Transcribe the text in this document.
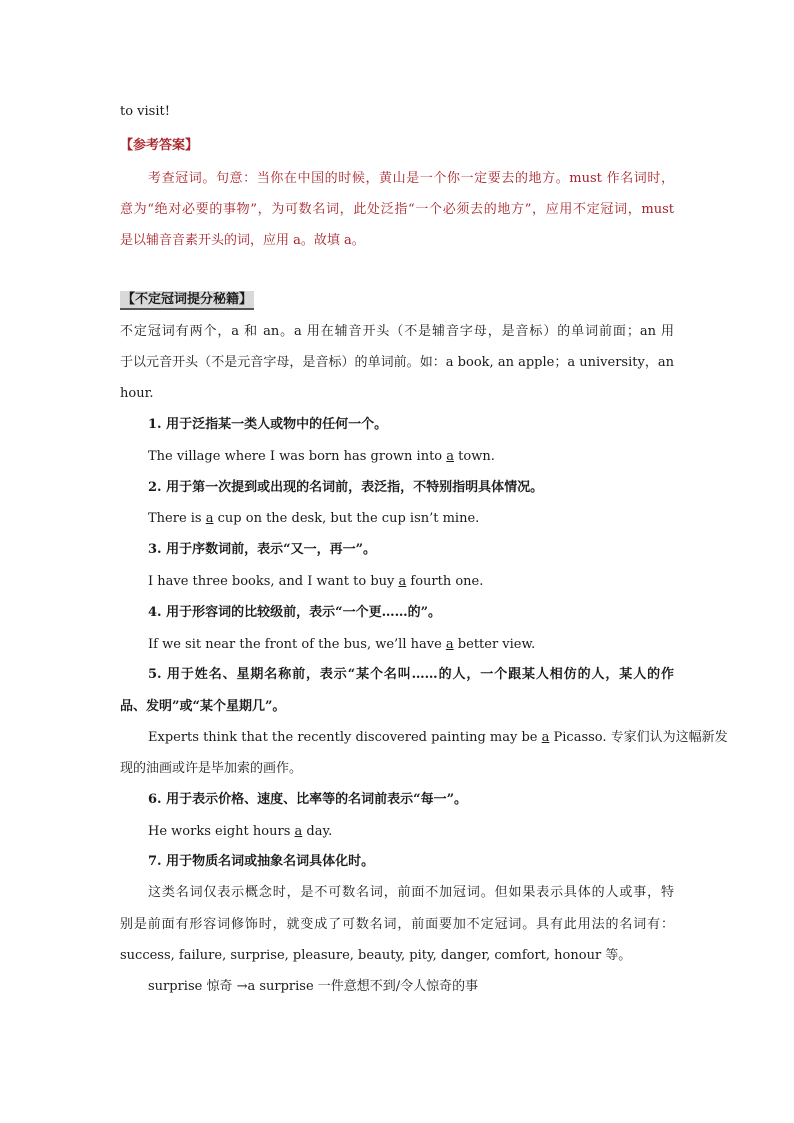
to visit!
【参考答案】
考查冠词。句意：当你在中国的时候，黄山是一个你一定要去的地方。must 作名词时，
意为“绝对必要的事物”，为可数名词，此处泛指“一个必须去的地方”，应用不定冠词，must
是以辅音音素开头的词，应用 a。故填 a。
【不定冠词提分秘籍】
不定冠词有两个，a 和 an。a 用在辅音开头（不是辅音字母，是音标）的单词前面；an 用
于以元音开头（不是元音字母，是音标）的单词前。如：a book, an apple；a university，an
hour.
1. 用于泛指某一类人或物中的任何一个。
The village where I was born has grown into a town.
2. 用于第一次提到或出现的名词前，表泛指，不特别指明具体情况。
There is a cup on the desk, but the cup isn’t mine.
3. 用于序数词前，表示“又一，再一”。
I have three books, and I want to buy a fourth one.
4. 用于形容词的比较级前，表示“一个更……的”。
If we sit near the front of the bus, we’ll have a better view.
5. 用于姓名、星期名称前，表示“某个名叫……的人，一个跟某人相仿的人，某人的作
品、发明”或“某个星期几”。
Experts think that the recently discovered painting may be a Picasso. 专家们认为这幅新发
现的油画或许是毕加索的画作。
6. 用于表示价格、速度、比率等的名词前表示“每一”。
He works eight hours a day.
7. 用于物质名词或抽象名词具体化时。
这类名词仅表示概念时，是不可数名词，前面不加冠词。但如果表示具体的人或事，特
别是前面有形容词修饰时，就变成了可数名词，前面要加不定冠词。具有此用法的名词有：
success, failure, surprise, pleasure, beauty, pity, danger, comfort, honour 等。
surprise 惊奇 →a surprise 一件意想不到/令人惊奇的事
